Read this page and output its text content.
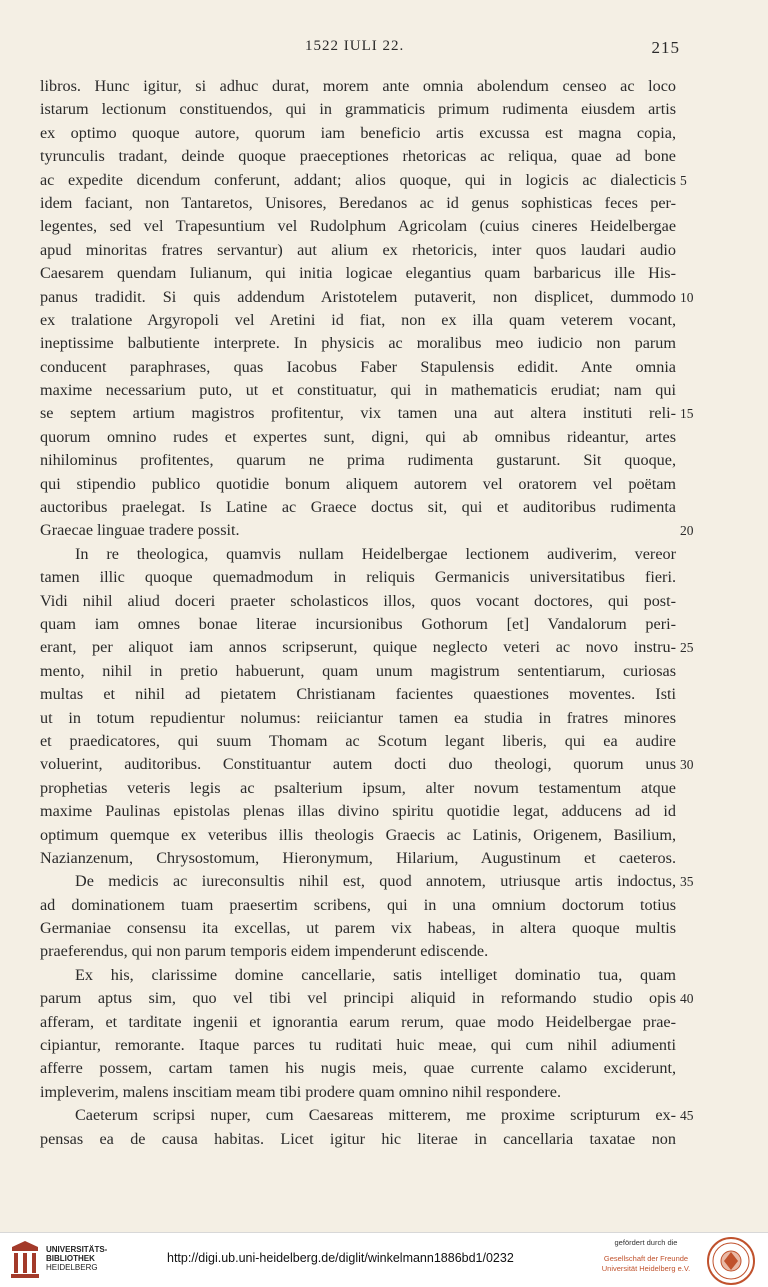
1522 IULI 22.	215
libros. Hunc igitur, si adhuc durat, morem ante omnia abolendum censeo ac loco
istarum lectionum constituendos, qui in grammaticis primum rudimenta eiusdem artis
ex optimo quoque autore, quorum iam beneficio artis excussa est magna copia,
tyrunculis tradant, deinde quoque praeceptiones rhetoricas ac reliqua, quae ad bone
ac expedite dicendum conferunt, addant; alios quoque, qui in logicis ac dialecticis 5
idem faciant, non Tantaretos, Unisores, Beredanos ac id genus sophisticas feces per-
legentes, sed vel Trapesuntium vel Rudolphum Agricolam (cuius cineres Heidelbergae
apud minoritas fratres servantur) aut alium ex rhetoricis, inter quos laudari audio
Caesarem quendam Iulianum, qui initia logicae elegantius quam barbaricus ille His-
panus tradidit. Si quis addendum Aristotelem putaverit, non displicet, dummodo 10
ex tralatione Argyropoli vel Aretini id fiat, non ex illa quam veterem vocant,
ineptissime balbutiente interprete. In physicis ac moralibus meo iudicio non parum
conducent paraphrases, quas Iacobus Faber Stapulensis edidit. Ante omnia
maxime necessarium puto, ut et constituatur, qui in mathematicis erudiat; nam qui
se septem artium magistros profitentur, vix tamen una aut altera instituti reli- 15
quorum omnino rudes et expertes sunt, digni, qui ab omnibus rideantur, artes
nihilominus profitentes, quarum ne prima rudimenta gustarunt. Sit quoque,
qui stipendio publico quotidie bonum aliquem autorem vel oratorem vel poëtam
auctoribus praelegat. Is Latine ac Graece doctus sit, qui et auditoribus rudimenta
Graecae linguae tradere possit.	20
In re theologica, quamvis nullam Heidelbergae lectionem audiverim, vereor
tamen illic quoque quemadmodum in reliquis Germanicis universitatibus fieri.
Vidi nihil aliud doceri praeter scholasticos illos, quos vocant doctores, qui post-
quam iam omnes bonae literae incursionibus Gothorum [et] Vandalorum peri-
erant, per aliquot iam annos scripserunt, quique neglecto veteri ac novo instru- 25
mento, nihil in pretio habuerunt, quam unum magistrum sententiarum, curiosas
multas et nihil ad pietatem Christianam facientes quaestiones moventes. Isti
ut in totum repudientur nolumus: reiiciantur tamen ea studia in fratres minores
et praedicatores, qui suum Thomam ac Scotum legant liberis, qui ea audire
voluerint, auditoribus. Constituantur autem docti duo theologi, quorum unus 30
prophetias veteris legis ac psalterium ipsum, alter novum testamentum atque
maxime Paulinas epistolas plenas illas divino spiritu quotidie legat, adducens ad id
optimum quemque ex veteribus illis theologis Graecis ac Latinis, Origenem, Basilium,
Nazianzenum, Chrysostomum, Hieronymum, Hilarium, Augustinum et caeteros.
De medicis ac iureconsultis nihil est, quod annotem, utriusque artis indoctus, 35
ad dominationem tuam praesertim scribens, qui in una omnium doctorum totius
Germaniae consensu ita excellas, ut parem vix habeas, in altera quoque multis
praeferendus, qui non parum temporis eidem impenderunt ediscende.
Ex his, clarissime domine cancellarie, satis intelliget dominatio tua, quam
parum aptus sim, quo vel tibi vel principi aliquid in reformando studio opis 40
afferam, et tarditate ingenii et ignorantia earum rerum, quae modo Heidelbergae prae-
cipiantur, remorante. Itaque parces tu ruditati huic meae, qui cum nihil adiumenti
afferre possem, cartam tamen his nugis meis, quae currente calamo exciderunt,
impleverim, malens inscitiam meam tibi prodere quam omnino nihil respondere.
Caeterum scripsi nuper, cum Caesareas mitterem, me proxime scripturum ex- 45
pensas ea de causa habitas. Licet igitur hic literae in cancellaria taxatae non
UNIVERSITÄTS-
BIBLIOTHEK
HEIDELBERG
http://digi.ub.uni-heidelberg.de/diglit/winkelmann1886bd1/0232
gefördert durch die
Gesellschaft der Freunde
Universität Heidelberg e.V.
